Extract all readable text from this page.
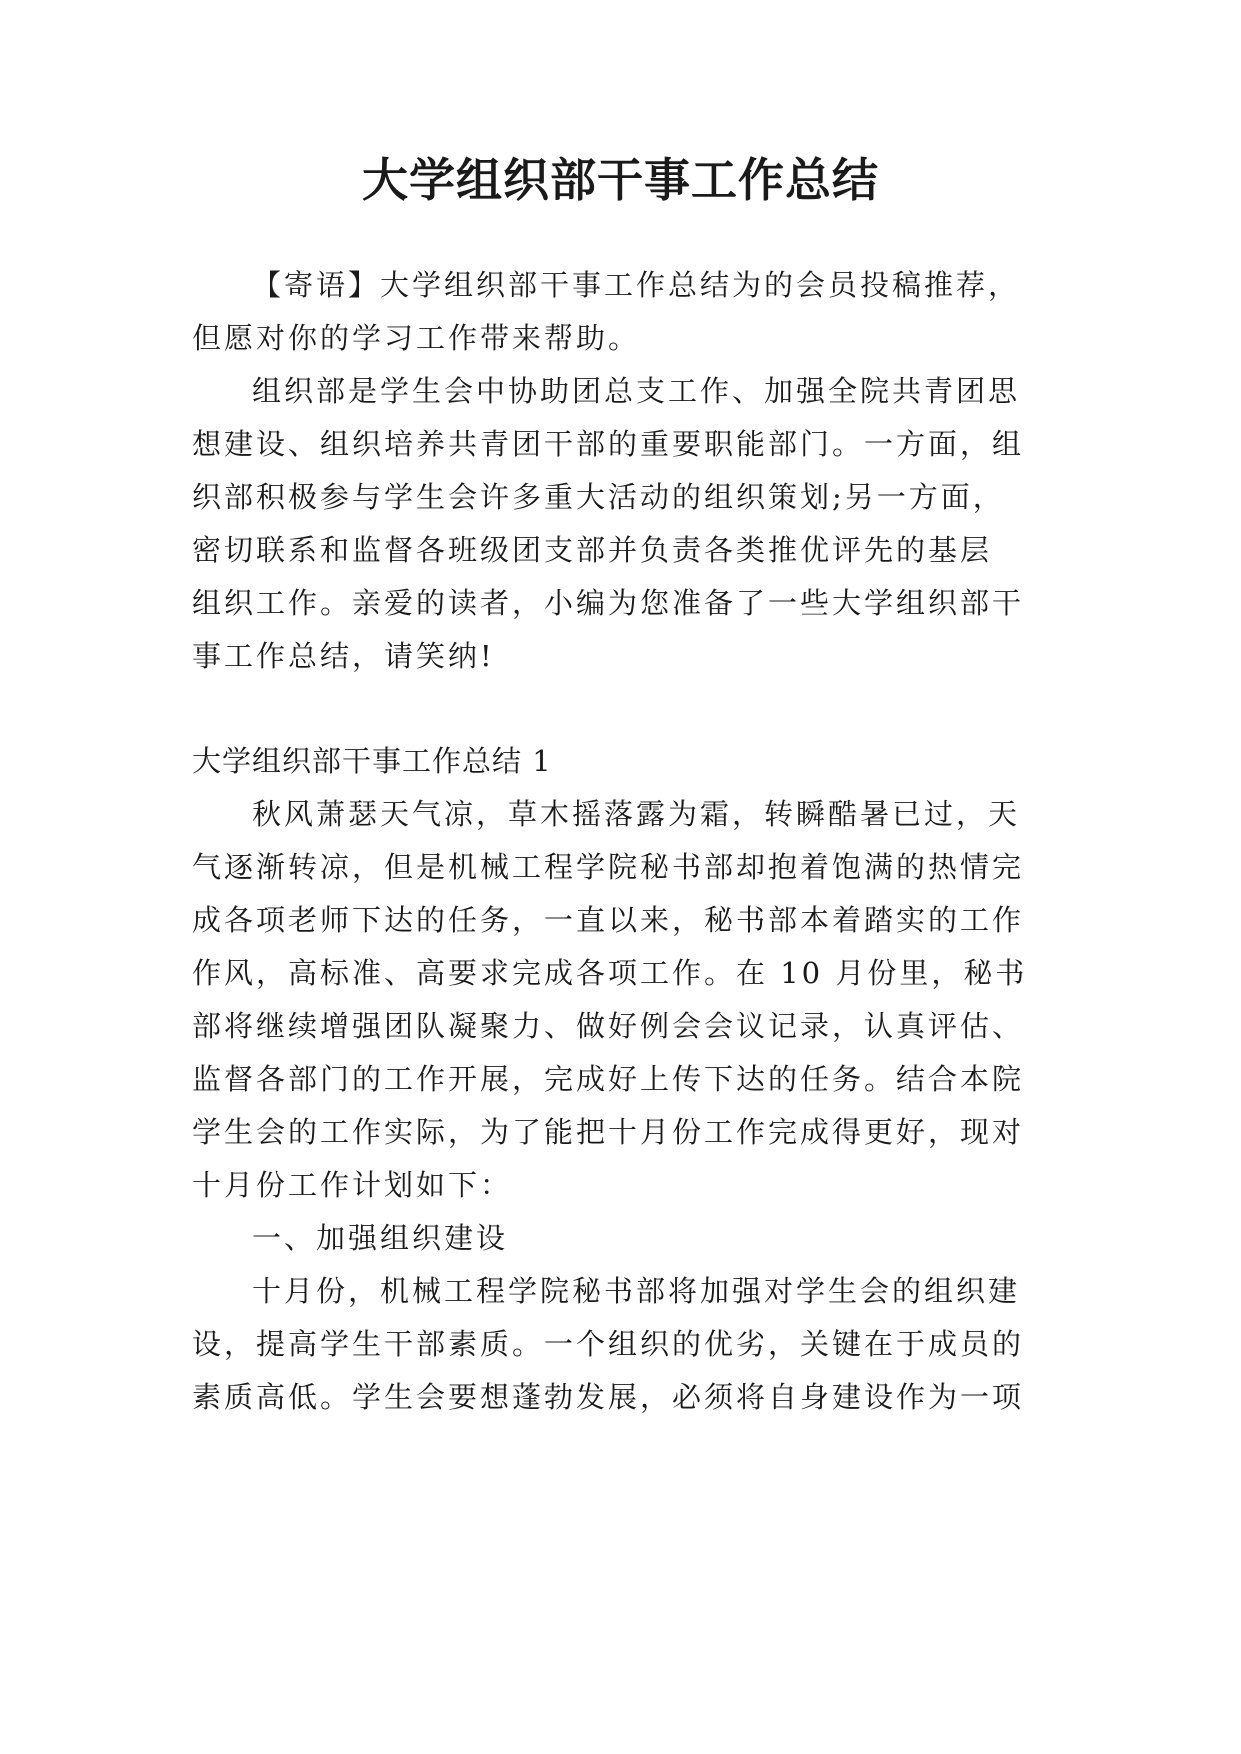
大学组织部干事工作总结
【寄语】大学组织部干事工作总结为的会员投稿推荐，
但愿对你的学习工作带来帮助。
组织部是学生会中协助团总支工作、加强全院共青团思
想建设、组织培养共青团干部的重要职能部门。一方面，组
织部积极参与学生会许多重大活动的组织策划;另一方面，
密切联系和监督各班级团支部并负责各类推优评先的基层
组织工作。亲爱的读者，小编为您准备了一些大学组织部干
事工作总结，请笑纳!
大学组织部干事工作总结 1
秋风萧瑟天气凉，草木摇落露为霜，转瞬酷暑已过，天
气逐渐转凉，但是机械工程学院秘书部却抱着饱满的热情完
成各项老师下达的任务，一直以来，秘书部本着踏实的工作
作风，高标准、高要求完成各项工作。在 10 月份里，秘书
部将继续增强团队凝聚力、做好例会会议记录，认真评估、
监督各部门的工作开展，完成好上传下达的任务。结合本院
学生会的工作实际，为了能把十月份工作完成得更好，现对
十月份工作计划如下：
一、加强组织建设
十月份，机械工程学院秘书部将加强对学生会的组织建
设，提高学生干部素质。一个组织的优劣，关键在于成员的
素质高低。学生会要想蓬勃发展，必须将自身建设作为一项
